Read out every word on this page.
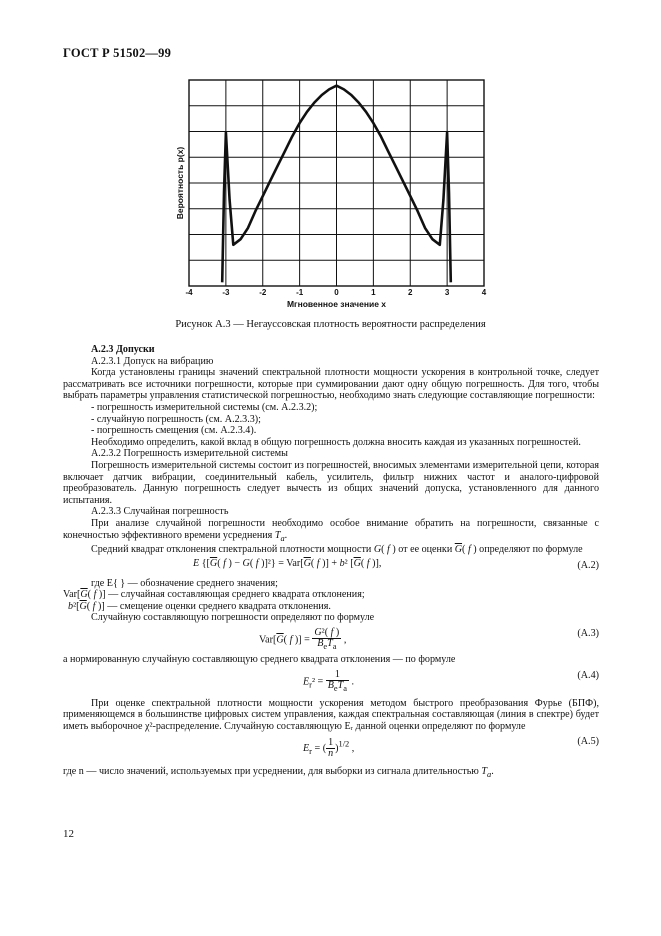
ГОСТ Р 51502—99
-4	-3	-2	-1	0	1	2	3	4
Мгновенное значение x
Вероятность p(x)
Рисунок А.3 — Негауссовская плотность вероятности распределения

А.2.3 Допуски

А.2.3.1 Допуск на вибрацию

Когда установлены границы значений спектральной плотности мощности ускорения в контрольной точке, следует рассматривать все источники погрешности, которые при суммировании дают одну общую погрешность. Для того, чтобы выбрать параметры управления статистической погрешностью, необходимо знать следующие составляющие погрешности:

- погрешность измерительной системы (см. А.2.3.2);

- случайную погрешность (см. А.2.3.3);

- погрешность смещения (см. А.2.3.4).

Необходимо определить, какой вклад в общую погрешность должна вносить каждая из указанных погрешностей.

А.2.3.2 Погрешность измерительной системы

Погрешность измерительной системы состоит из погрешностей, вносимых элементами измерительной цепи, которая включает датчик вибрации, соединительный кабель, усилитель, фильтр нижних частот и аналого-цифровой преобразователь. Данную погрешность следует вычесть из общих значений допуска, установленного для данного испытания.

А.2.3.3 Случайная погрешность

При анализе случайной погрешности необходимо особое внимание обратить на погрешности, связанные с конечностью эффективного времени усреднения $T_a$.

Средний квадрат отклонения спектральной плотности мощности G( f ) от ее оценки $\overline{G}$( f ) определяют по формуле

E {[$\overline{G}$( f ) − G( f )]$^2\} = Var[\overline{G}$( f )] + b² [$\overline{G}$( f )],	(А.2)

где E{ } — обозначение среднего значения;

$Var[\overline{G}$( f )] — случайная составляющая среднего квадрата отклонения;

$b^2[\overline{G}$( f )] — смещение оценки среднего квадрата отклонения.

Случайную составляющую погрешности определяют по формуле

$Var[\overline{G}$( f )] = $\frac{\text{G²( f )}}{B_eT_a}$ ,
(А.3)

а нормированную случайную составляющую среднего квадрата отклонения — по формуле

$E_r^2 = \frac{1}{B_eT_a}$ .
(А.4)

При оценке спектральной плотности мощности ускорения методом быстрого преобразования Фурье (БПФ), применяющемся в большинстве цифровых систем управления, каждая спектральная составляющая (линия в спектре) будет иметь выборочное χ²-распределение. Случайную составляющую Eᵣ данной оценки определяют по формуле

$E_r$ = ( $\frac{1}{n} )^{1/2}$ ,
(А.5)

где n — число значений, используемых при усреднении, для выборки из сигнала длительностью $T_a$.

12
